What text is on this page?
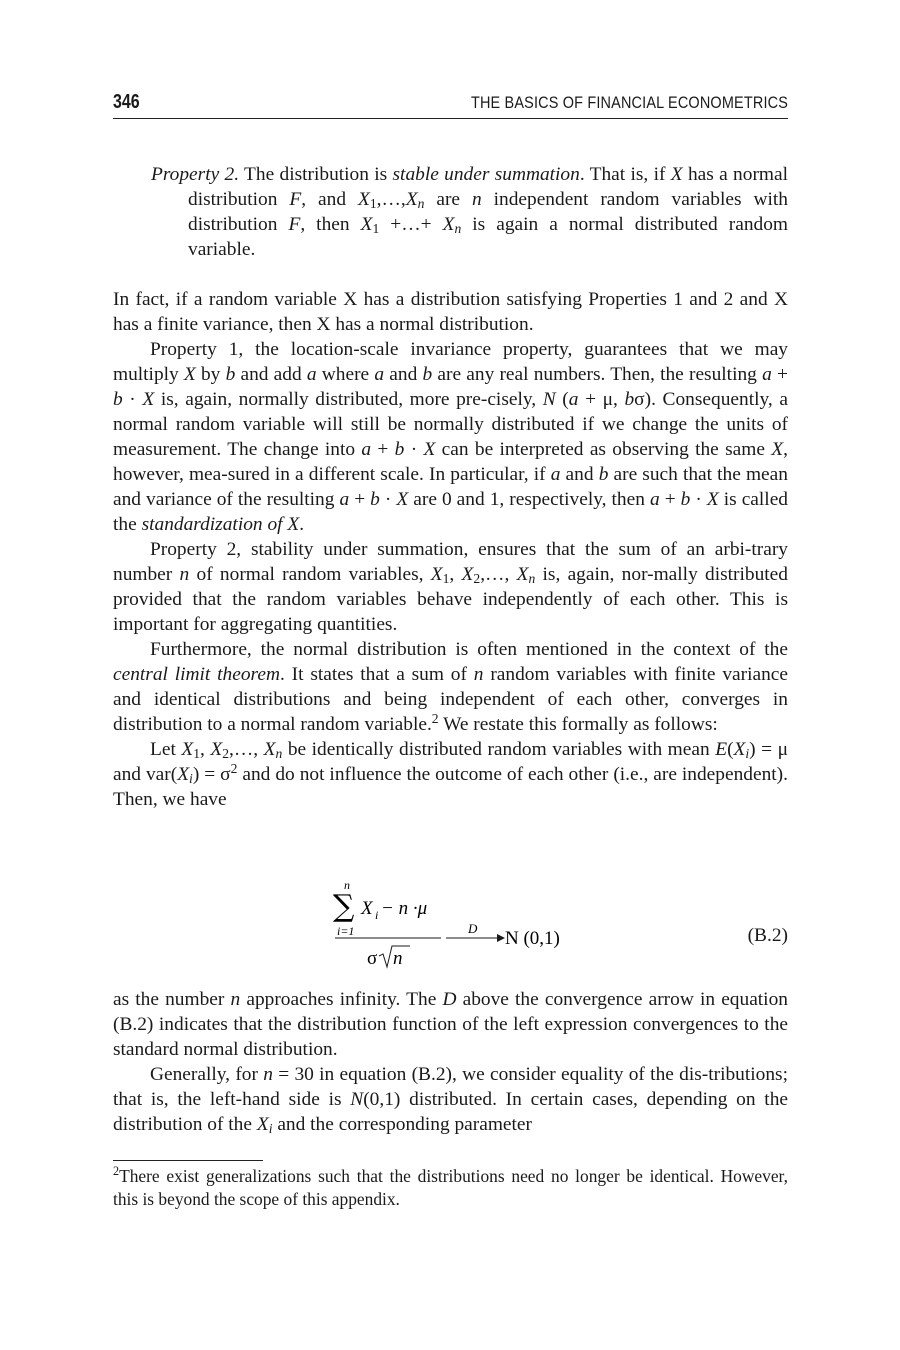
346	THE BASICS OF FINANCIAL ECONOMETRICS

Property 2. The distribution is stable under summation. That is, if X has a normal distribution F, and $X_1,\dots,X_n$ are n independent random variables with distribution F, then $X_1$ +…+ $X_n$ is again a normal distributed random variable.

In fact, if a random variable X has a distribution satisfying Properties 1 and 2 and X has a finite variance, then X has a normal distribution.

Property 1, the location-scale invariance property, guarantees that we may multiply X by b and add a where a and b are any real numbers. Then, the resulting a + b · X is, again, normally distributed, more pre-cisely, N (a + μ, bσ). Consequently, a normal random variable will still be normally distributed if we change the units of measurement. The change into a + b · X can be interpreted as observing the same X, however, mea-sured in a different scale. In particular, if a and b are such that the mean and variance of the resulting a + b · X are 0 and 1, respectively, then a + b · X is called the standardization of X.

Property 2, stability under summation, ensures that the sum of an arbi-trary number n of normal random variables, $X_1$, $X_2,\dots$, $X_n$ is, again, nor-mally distributed provided that the random variables behave independently of each other. This is important for aggregating quantities.

Furthermore, the normal distribution is often mentioned in the context of the central limit theorem. It states that a sum of n random variables with finite variance and identical distributions and being independent of each other, converges in distribution to a normal random variable.$^2$ We restate this formally as follows:

Let $X_1$, $X_2,\dots$, $X_n$ be identically distributed random variables with mean $E(X_i) = \mu$ and $var(X_i) = \sigma^2$ and do not influence the outcome of each other (i.e., are independent). Then, we have

n
∑ X i − n ·μ
i=1
σ n
D N (0,1)	(B.2)

as the number n approaches infinity. The D above the convergence arrow in equation (B.2) indicates that the distribution function of the left expression convergences to the standard normal distribution.

Generally, for n = 30 in equation (B.2), we consider equality of the dis-tributions; that is, the left-hand side is N(0,1) distributed. In certain cases, depending on the distribution of the $X_i$ and the corresponding parameter

$^2$There exist generalizations such that the distributions need no longer be identical. However, this is beyond the scope of this appendix.
